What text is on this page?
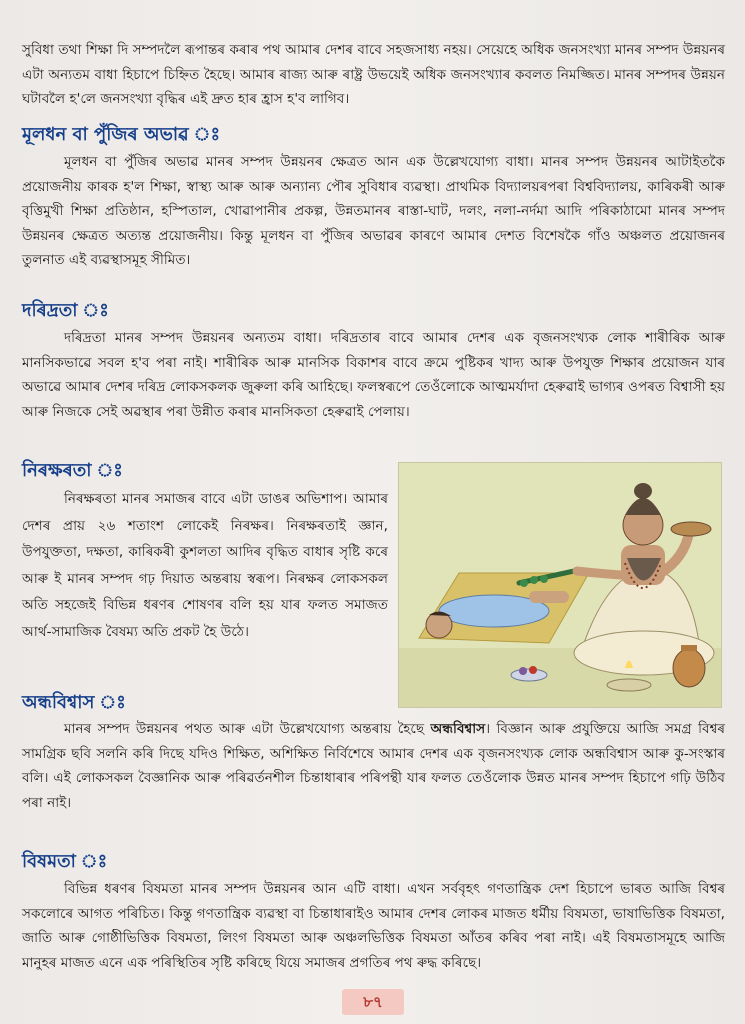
সুবিধা তথা শিক্ষা দি সম্পদলৈ ৰূপান্তৰ কৰাৰ পথ আমাৰ দেশৰ বাবে সহজসাধ্য নহয়। সেয়েহে অধিক জনসংখ্যা মানৰ সম্পদ উন্নয়নৰ এটা অন্যতম বাধা হিচাপে চিহ্নিত হৈছে। আমাৰ ৰাজ্য আৰু ৰাষ্ট্ৰ উভয়েই অধিক জনসংখ্যাৰ কবলত নিমজ্জিত। মানৰ সম্পদৰ উন্নয়ন ঘটাবলৈ হ'লে জনসংখ্যা বৃদ্ধিৰ এই দ্ৰুত হাৰ হ্ৰাস হ'ব লাগিব।

মূলধন বা পুঁজিৰ অভাৱ ঃ

মূলধন বা পুঁজিৰ অভাৱ মানৰ সম্পদ উন্নয়নৰ ক্ষেত্ৰত আন এক উল্লেখযোগ্য বাধা। মানৰ সম্পদ উন্নয়নৰ আটাইতকৈ প্ৰয়োজনীয় কাৰক হ'ল শিক্ষা, স্বাস্থ্য আৰু আৰু অন্যান্য পৌৰ সুবিধাৰ ব্যৱস্থা। প্ৰাথমিক বিদ্যালয়ৰপৰা বিশ্ববিদ্যালয়, কাৰিকৰী আৰু বৃত্তিমুখী শিক্ষা প্ৰতিষ্ঠান, হস্পিতাল, খোৱাপানীৰ প্ৰকল্প, উন্নতমানৰ ৰাস্তা-ঘাট, দলং, নলা-নৰ্দমা আদি পৰিকাঠামো মানৰ সম্পদ উন্নয়নৰ ক্ষেত্ৰত অত্যন্ত প্ৰয়োজনীয়। কিন্তু মূলধন বা পুঁজিৰ অভাৱৰ কাৰণে আমাৰ দেশত বিশেষকৈ গাঁও অঞ্চলত প্ৰয়োজনৰ তুলনাত এই ব্যৱস্থাসমূহ সীমিত।

দৰিদ্ৰতা ঃ

দৰিদ্ৰতা মানৰ সম্পদ উন্নয়নৰ অন্যতম বাধা। দৰিদ্ৰতাৰ বাবে আমাৰ দেশৰ এক বৃজনসংখ্যক লোক শাৰীৰিক আৰু মানসিকভাৱে সবল হ'ব পৰা নাই। শাৰীৰিক আৰু মানসিক বিকাশৰ বাবে ক্ৰমে পুষ্টিকৰ খাদ্য আৰু উপযুক্ত শিক্ষাৰ প্ৰয়োজন যাৰ অভাৱে আমাৰ দেশৰ দৰিদ্ৰ লোকসকলক জুৰুলা কৰি আহিছে। ফলস্বৰূপে তেওঁলোকে আত্মমৰ্যাদা হেৰুৱাই ভাগ্যৰ ওপৰত বিশ্বাসী হয় আৰু নিজকে সেই অৱস্থাৰ পৰা উন্নীত কৰাৰ মানসিকতা হেৰুৱাই পেলায়।

নিৰক্ষৰতা ঃ

নিৰক্ষৰতা মানৰ সমাজৰ বাবে এটা ডাঙৰ অভিশাপ। আমাৰ দেশৰ প্ৰায় ২৬ শতাংশ লোকেই নিৰক্ষৰ। নিৰক্ষৰতাই জ্ঞান, উপযুক্ততা, দক্ষতা, কাৰিকৰী কুশলতা আদিৰ বৃদ্ধিত বাধাৰ সৃষ্টি কৰে আৰু ই মানৰ সম্পদ গঢ় দিয়াত অন্তৰায় স্বৰূপ। নিৰক্ষৰ লোকসকল অতি সহজেই বিভিন্ন ধৰণৰ শোষণৰ বলি হয় যাৰ ফলত সমাজত আৰ্থ-সামাজিক বৈষম্য অতি প্ৰকট হৈ উঠে।

অন্ধবিশ্বাস ঃ

মানৰ সম্পদ উন্নয়নৰ পথত আৰু এটা উল্লেখযোগ্য অন্তৰায় হৈছে অন্ধবিশ্বাস। বিজ্ঞান আৰু প্ৰযুক্তিয়ে আজি সমগ্ৰ বিশ্বৰ সামগ্ৰিক ছবি সলনি কৰি দিছে যদিও শিক্ষিত, অশিক্ষিত নিৰ্বিশেষে আমাৰ দেশৰ এক বৃজনসংখ্যক লোক অন্ধবিশ্বাস আৰু কু-সংস্কাৰ বলি। এই লোকসকল বৈজ্ঞানিক আৰু পৰিৱৰ্তনশীল চিন্তাধাৰাৰ পৰিপন্থী যাৰ ফলত তেওঁলোক উন্নত মানৰ সম্পদ হিচাপে গঢ়ি উঠিব পৰা নাই।

বিষমতা ঃ

বিভিন্ন ধৰণৰ বিষমতা মানৰ সম্পদ উন্নয়নৰ আন এটি বাধা। এখন সৰ্ববৃহৎ গণতান্ত্ৰিক দেশ হিচাপে ভাৰত আজি বিশ্বৰ সকলোৰে আগত পৰিচিত। কিন্তু গণতান্ত্ৰিক ব্যৱস্থা বা চিন্তাধাৰাইও আমাৰ দেশৰ লোকৰ মাজত ধৰ্মীয় বিষমতা, ভাষাভিত্তিক বিষমতা, জাতি আৰু গোষ্ঠীভিত্তিক বিষমতা, লিংগ বিষমতা আৰু অঞ্চলভিত্তিক বিষমতা আঁতৰ কৰিব পৰা নাই। এই বিষমতাসমূহে আজি মানুহৰ মাজত এনে এক পৰিস্থিতিৰ সৃষ্টি কৰিছে যিয়ে সমাজৰ প্ৰগতিৰ পথ ৰুদ্ধ কৰিছে।

৮৭
